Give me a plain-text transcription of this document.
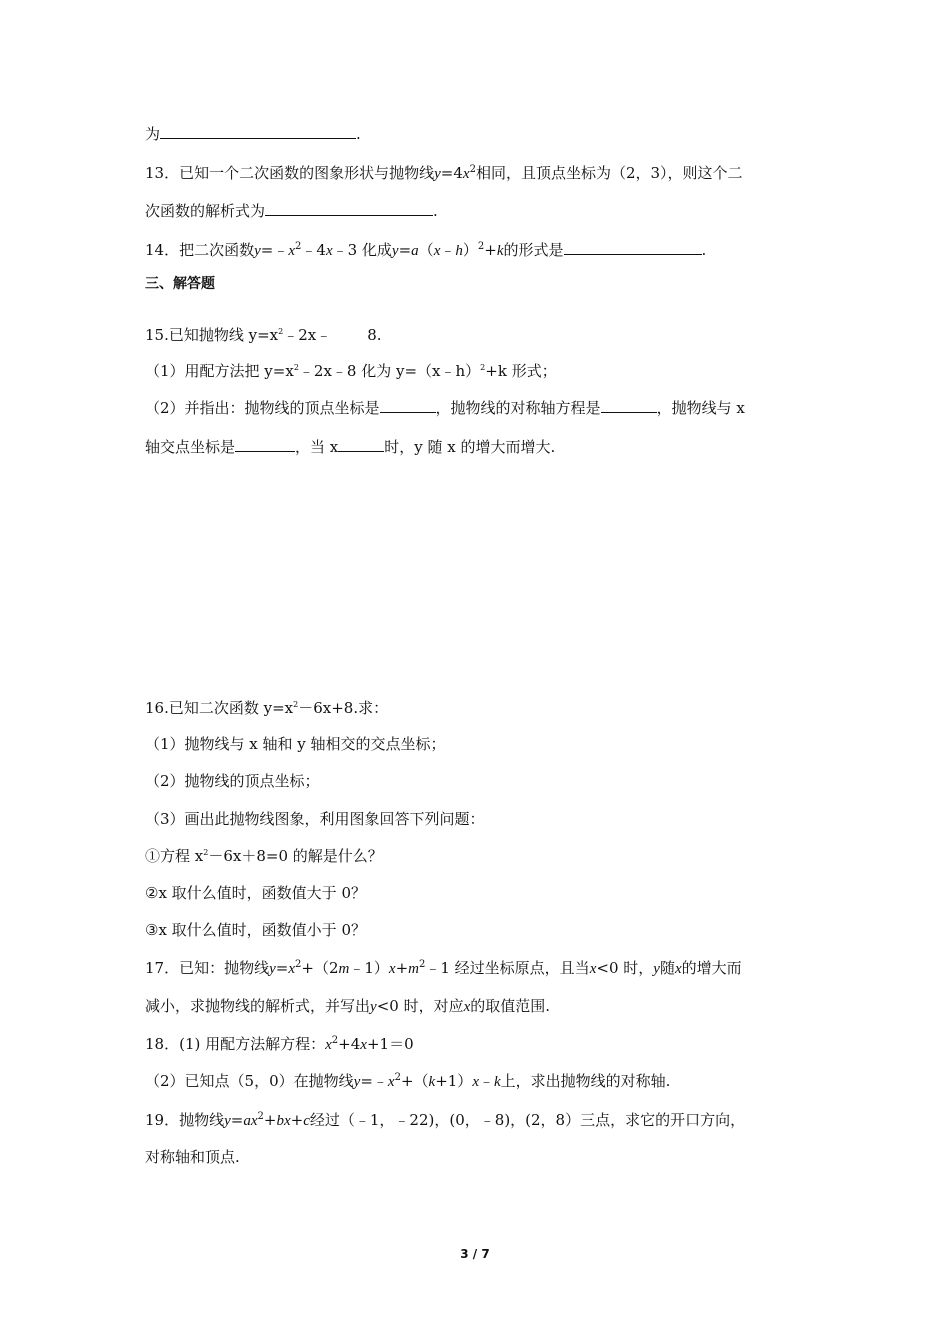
为	.
13．已知一个二次函数的图象形状与抛物线$y=4x^2$相同，且顶点坐标为（2，3），则这个二
次函数的解析式为	.
14．把二次函数$y=﹣x^2﹣4x﹣3$ 化成y=a（x﹣h）$^2$+k的形式是	.
三、解答题
15.已知抛物线 $y=x^2﹣2x﹣$ 8.
（1）用配方法把 $y=x^2﹣2x﹣8$ 化为 y=（x﹣h）$^2$+k 形式；
（2）并指出：抛物线的顶点坐标是	，抛物线的对称轴方程是	，抛物线与 x
轴交点坐标是	，当 x	时，y 随 x 的增大而增大.
16.已知二次函数 $y=x^2-6x+8$.求：
（1）抛物线与 x 轴和 y 轴相交的交点坐标；
（2）抛物线的顶点坐标；
（3）画出此抛物线图象，利用图象回答下列问题：
①方程 $x^2-6x+8=0$ 的解是什么？
②x 取什么值时，函数值大于 0？
③x 取什么值时，函数值小于 0？
17．已知：抛物线$y=x^2+(2m﹣1)x+m^2﹣1$ 经过坐标原点，且当x<0 时，y随x的增大而
减小，求抛物线的解析式，并写出y<0 时，对应x的取值范围.
18．(1) 用配方法解方程：$x^2+4x+1=0$
（2）已知点（5，0）在抛物线$y=﹣x^2+(k+1)x﹣k$上，求出抛物线的对称轴.
19．抛物线$y=ax^2+bx+c$经过（﹣1，﹣22)，(0，﹣8)，(2，8）三点，求它的开口方向，
对称轴和顶点.
3 / 7
